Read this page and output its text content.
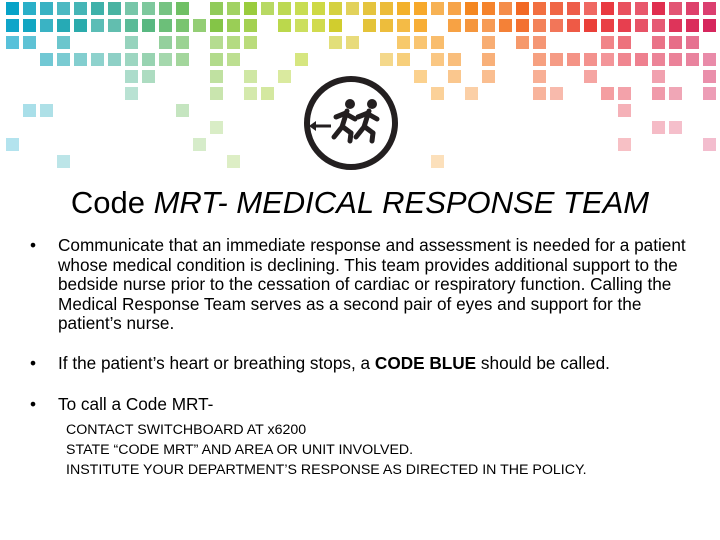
Code MRT- MEDICAL RESPONSE TEAM
• Communicate that an immediate response and assessment is needed for a patient whose medical condition is declining. This team provides additional support to the bedside nurse prior to the cessation of cardiac or respiratory function. Calling the Medical Response Team serves as a second pair of eyes and support for the patient’s nurse.
• If the patient’s heart or breathing stops, a CODE BLUE should be called.
• To call a Code MRT-
CONTACT SWITCHBOARD AT x6200
STATE “CODE MRT” AND AREA OR UNIT INVOLVED.
INSTITUTE YOUR DEPARTMENT’S RESPONSE AS DIRECTED IN THE POLICY.
